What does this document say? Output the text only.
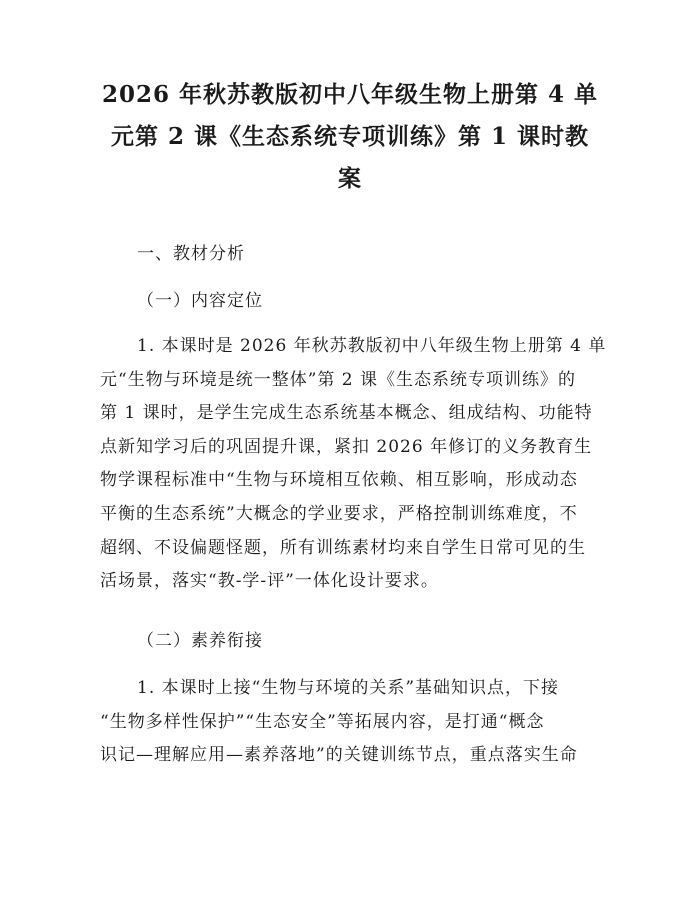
2026 年秋苏教版初中八年级生物上册第 4 单
元第 2 课《生态系统专项训练》第 1 课时教
案
一、教材分析
（一）内容定位

1. 本课时是 2026 年秋苏教版初中八年级生物上册第 4 单
元“生物与环境是统一整体”第 2 课《生态系统专项训练》的
第 1 课时，是学生完成生态系统基本概念、组成结构、功能特
点新知学习后的巩固提升课，紧扣 2026 年修订的义务教育生
物学课程标准中“生物与环境相互依赖、相互影响，形成动态
平衡的生态系统”大概念的学业要求，严格控制训练难度，不
超纲、不设偏题怪题，所有训练素材均来自学生日常可见的生
活场景，落实“教-学-评”一体化设计要求。

（二）素养衔接

1. 本课时上接“生物与环境的关系”基础知识点，下接
“生物多样性保护”“生态安全”等拓展内容，是打通“概念
识记—理解应用—素养落地”的关键训练节点，重点落实生命
